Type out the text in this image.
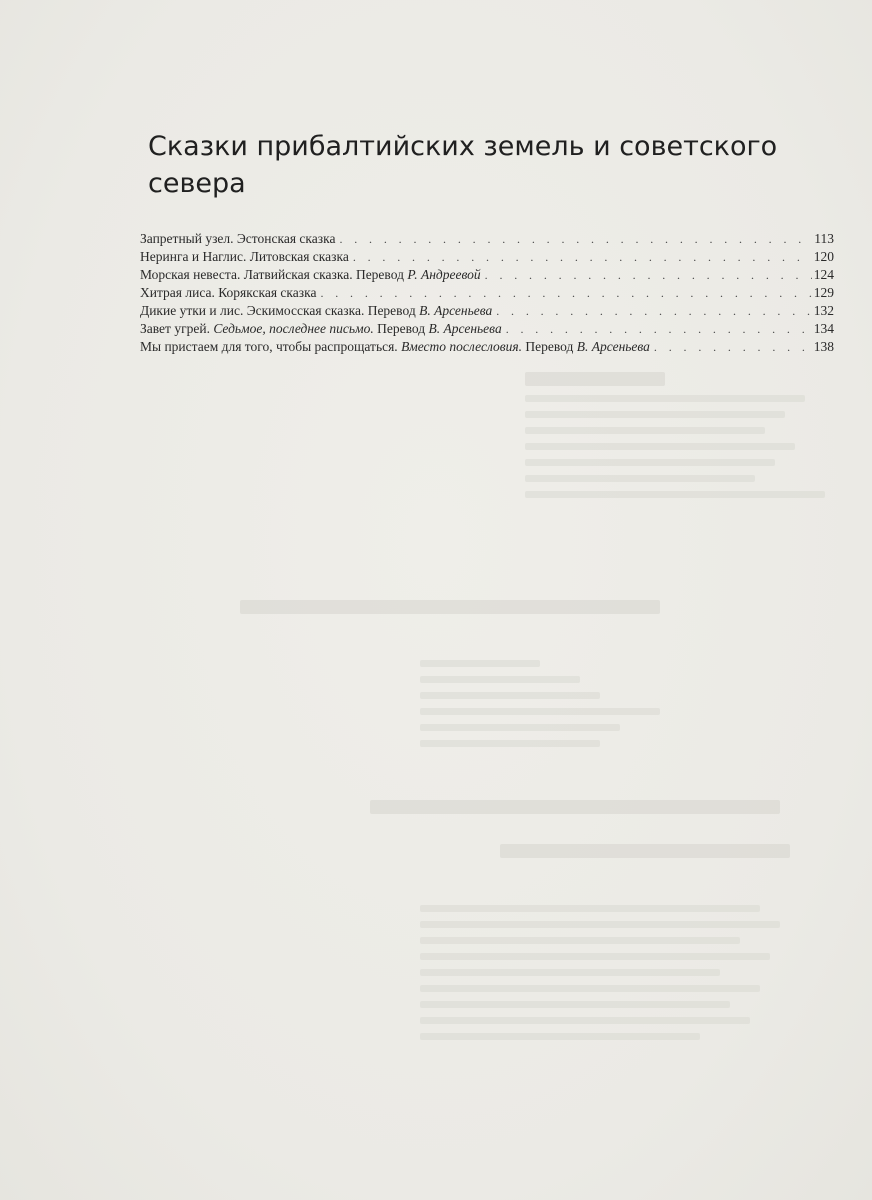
Сказки прибалтийских земель и советского севера
Запретный узел. Эстонская сказка . . .	113
Неринга и Наглис. Литовская сказка . . .	120
Морская невеста. Латвийская сказка. Перевод Р. Андреевой . . .	124
Хитрая лиса. Корякская сказка . . .	129
Дикие утки и лис. Эскимосская сказка. Перевод В. Арсеньева . . .	132
Завет угрей. Седьмое, последнее письмо. Перевод В. Арсеньева . . .	134
Мы пристаем для того, чтобы распрощаться. Вместо послесловия. Перевод В. Арсеньева . . .	138
